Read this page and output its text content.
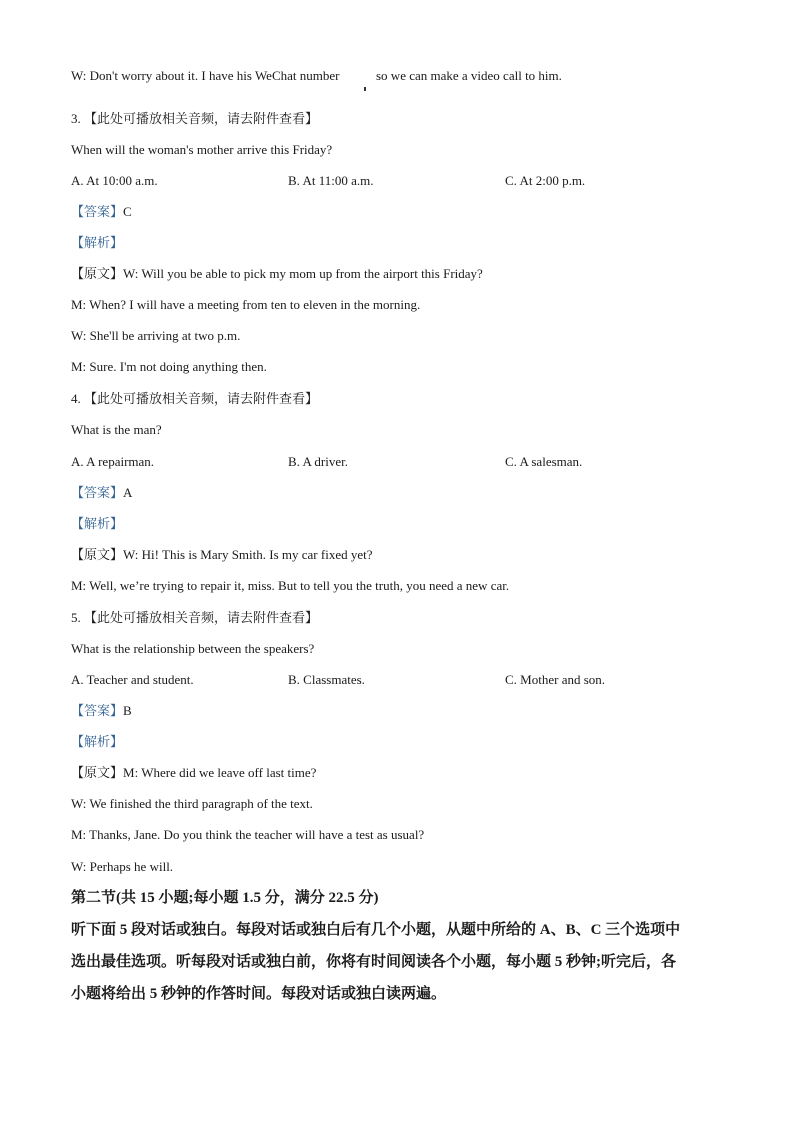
W: Don't worry about it. I have his WeChat number	so we can make a video call to him.
3. 【此处可播放相关音频，请去附件查看】
When will the woman's mother arrive this Friday?
A. At 10:00 a.m.	B. At 11:00 a.m.	C. At 2:00 p.m.
【答案】C
【解析】
【原文】W: Will you be able to pick my mom up from the airport this Friday?
M: When? I will have a meeting from ten to eleven in the morning.
W: She'll be arriving at two p.m.
M: Sure. I'm not doing anything then.
4. 【此处可播放相关音频，请去附件查看】
What is the man?
A. A repairman.	B. A driver.	C. A salesman.
【答案】A
【解析】
【原文】W: Hi! This is Mary Smith. Is my car fixed yet?
M: Well, we’re trying to repair it, miss. But to tell you the truth, you need a new car.
5. 【此处可播放相关音频，请去附件查看】
What is the relationship between the speakers?
A. Teacher and student.	B. Classmates.	C. Mother and son.
【答案】B
【解析】
【原文】M: Where did we leave off last time?
W: We finished the third paragraph of the text.
M: Thanks, Jane. Do you think the teacher will have a test as usual?
W: Perhaps he will.
第二节(共 15 小题;每小题 1.5 分，满分 22.5 分)
听下面 5 段对话或独白。每段对话或独白后有几个小题，从题中所给的 A、B、C 三个选项中
选出最佳选项。听每段对话或独白前，你将有时间阅读各个小题，每小题 5 秒钟;听完后，各
小题将给出 5 秒钟的作答时间。每段对话或独白读两遍。
